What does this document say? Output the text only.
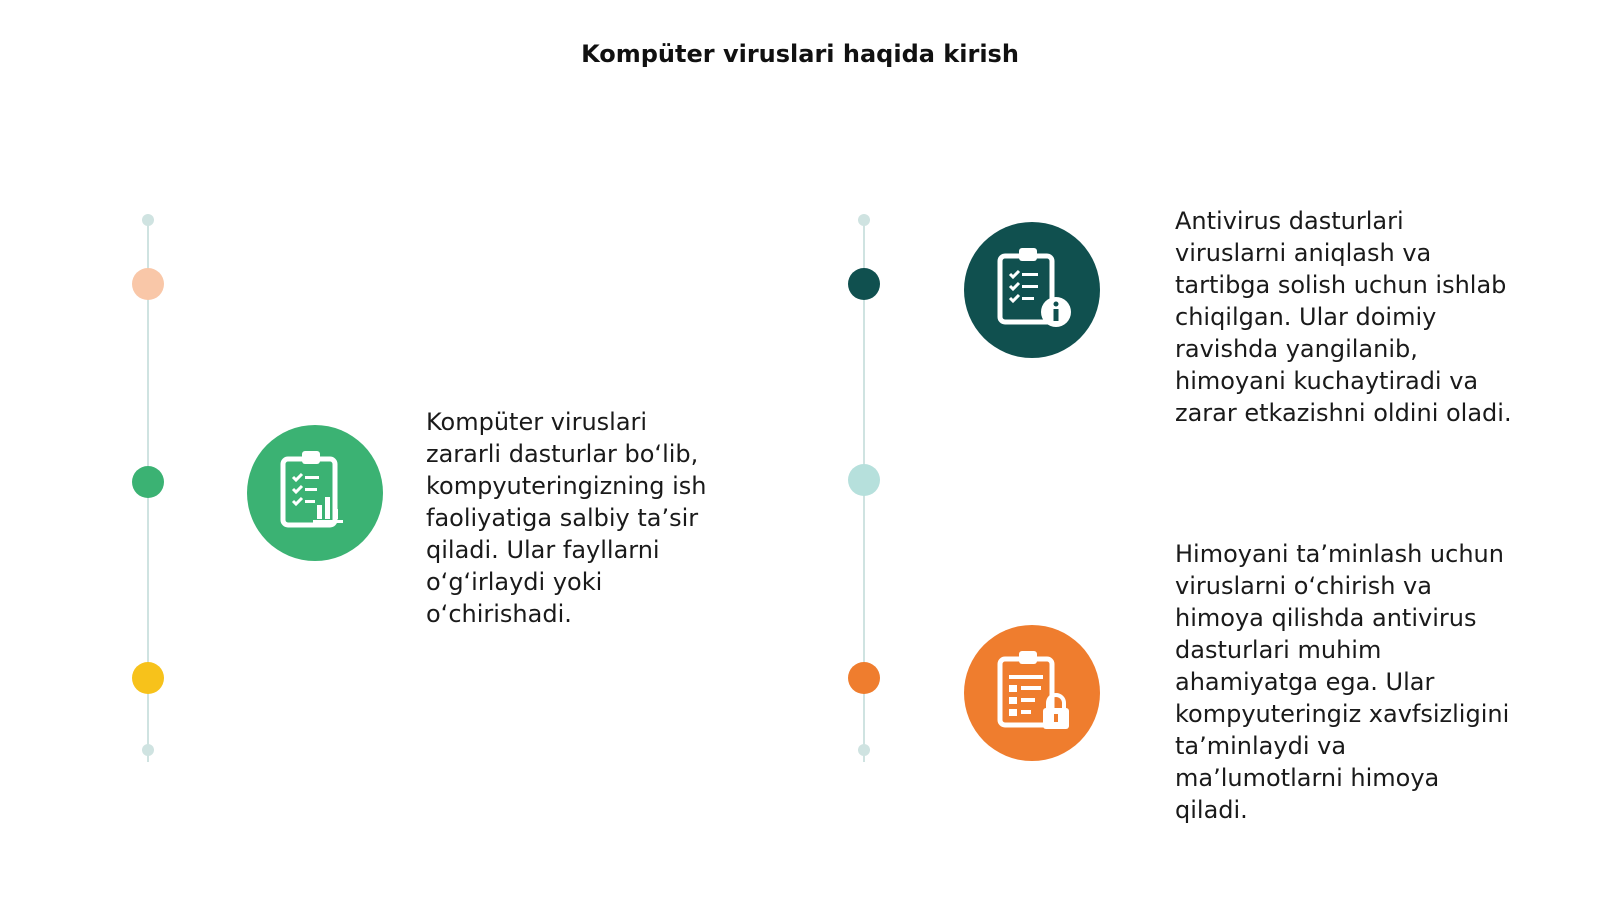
Kompüter viruslari haqida kirish
Kompüter viruslari
zararli dasturlar bo‘lib,
kompyuteringizning ish
faoliyatiga salbiy ta’sir
qiladi. Ular fayllarni
o‘g‘irlaydi yoki
o‘chirishadi.
Antivirus dasturlari
viruslarni aniqlash va
tartibga solish uchun ishlab
chiqilgan. Ular doimiy
ravishda yangilanib,
himoyani kuchaytiradi va
zarar etkazishni oldini oladi.
Himoyani ta’minlash uchun
viruslarni o‘chirish va
himoya qilishda antivirus
dasturlari muhim
ahamiyatga ega. Ular
kompyuteringiz xavfsizligini
ta’minlaydi va
ma’lumotlarni himoya
qiladi.
